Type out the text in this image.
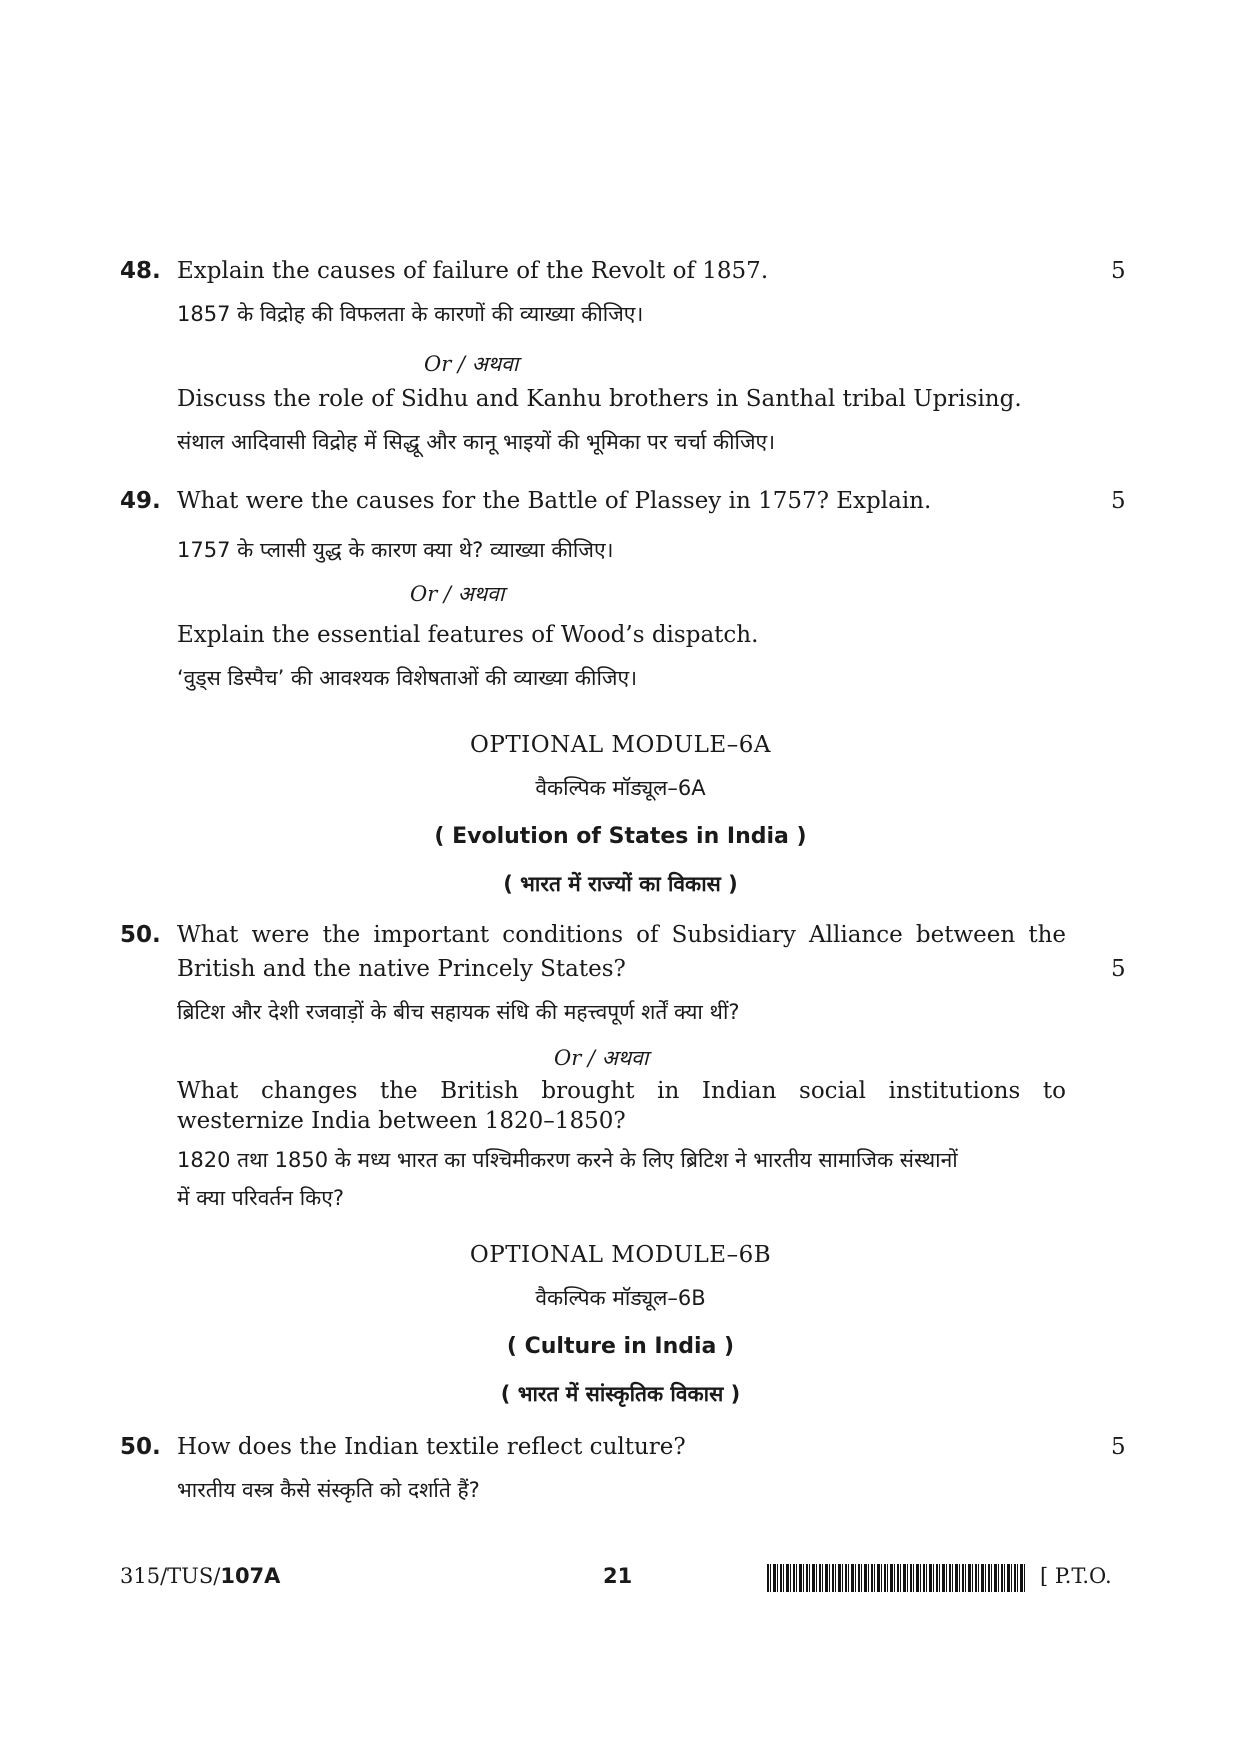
48. Explain the causes of failure of the Revolt of 1857.	5
1857 के विद्रोह की विफलता के कारणों की व्याख्या कीजिए।
Or / अथवा
Discuss the role of Sidhu and Kanhu brothers in Santhal tribal Uprising.
संथाल आदिवासी विद्रोह में सिद्धू और कानू भाइयों की भूमिका पर चर्चा कीजिए।
49. What were the causes for the Battle of Plassey in 1757? Explain.	5
1757 के प्लासी युद्ध के कारण क्या थे? व्याख्या कीजिए।
Or / अथवा
Explain the essential features of Wood’s dispatch.
‘वुड्स डिस्पैच’ की आवश्यक विशेषताओं की व्याख्या कीजिए।
OPTIONAL MODULE–6A
वैकल्पिक मॉड्यूल–6A
( Evolution of States in India )
( भारत में राज्यों का विकास )
50. What were the important conditions of Subsidiary Alliance between the
British and the native Princely States?	5
ब्रिटिश और देशी रजवाड़ों के बीच सहायक संधि की महत्त्वपूर्ण शर्तें क्या थीं?
Or / अथवा
What changes the British brought in Indian social institutions to
westernize India between 1820–1850?
1820 तथा 1850 के मध्य भारत का पश्चिमीकरण करने के लिए ब्रिटिश ने भारतीय सामाजिक संस्थानों
में क्या परिवर्तन किए?
OPTIONAL MODULE–6B
वैकल्पिक मॉड्यूल–6B
( Culture in India )
( भारत में सांस्कृतिक विकास )
50. How does the Indian textile reflect culture?	5
भारतीय वस्त्र कैसे संस्कृति को दर्शाते हैं?
315/TUS/107A	21	[ P.T.O.
